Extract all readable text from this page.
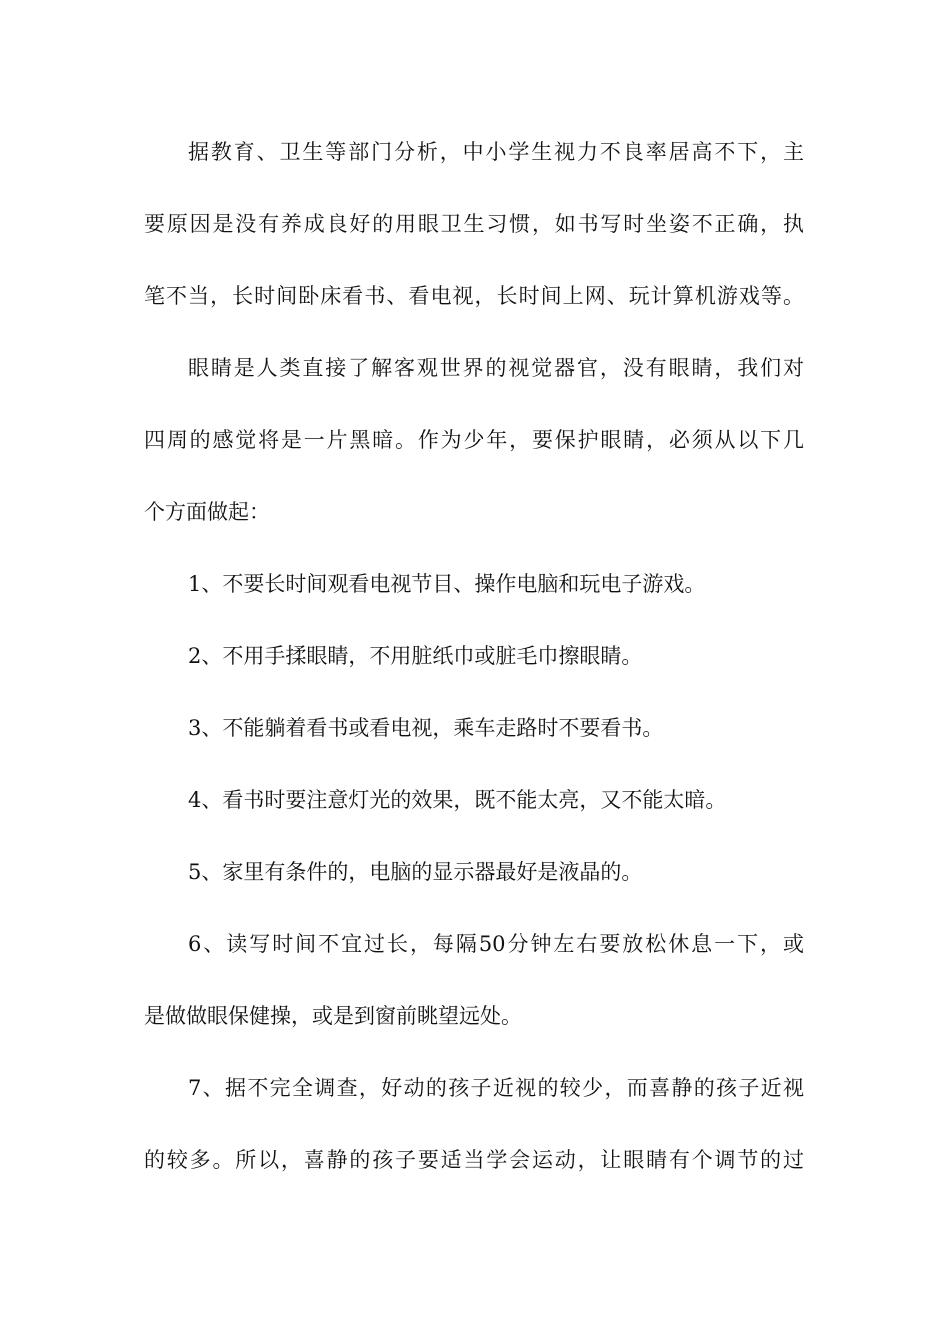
据教育、卫生等部门分析，中小学生视力不良率居高不下，主
要原因是没有养成良好的用眼卫生习惯，如书写时坐姿不正确，执
笔不当，长时间卧床看书、看电视，长时间上网、玩计算机游戏等。
眼睛是人类直接了解客观世界的视觉器官，没有眼睛，我们对
四周的感觉将是一片黑暗。作为少年，要保护眼睛，必须从以下几
个方面做起：
1、不要长时间观看电视节目、操作电脑和玩电子游戏。
2、不用手揉眼睛，不用脏纸巾或脏毛巾擦眼睛。
3、不能躺着看书或看电视，乘车走路时不要看书。
4、看书时要注意灯光的效果，既不能太亮，又不能太暗。
5、家里有条件的，电脑的显示器最好是液晶的。
6、读写时间不宜过长，每隔50分钟左右要放松休息一下，或
是做做眼保健操，或是到窗前眺望远处。
7、据不完全调查，好动的孩子近视的较少，而喜静的孩子近视
的较多。所以，喜静的孩子要适当学会运动，让眼睛有个调节的过
